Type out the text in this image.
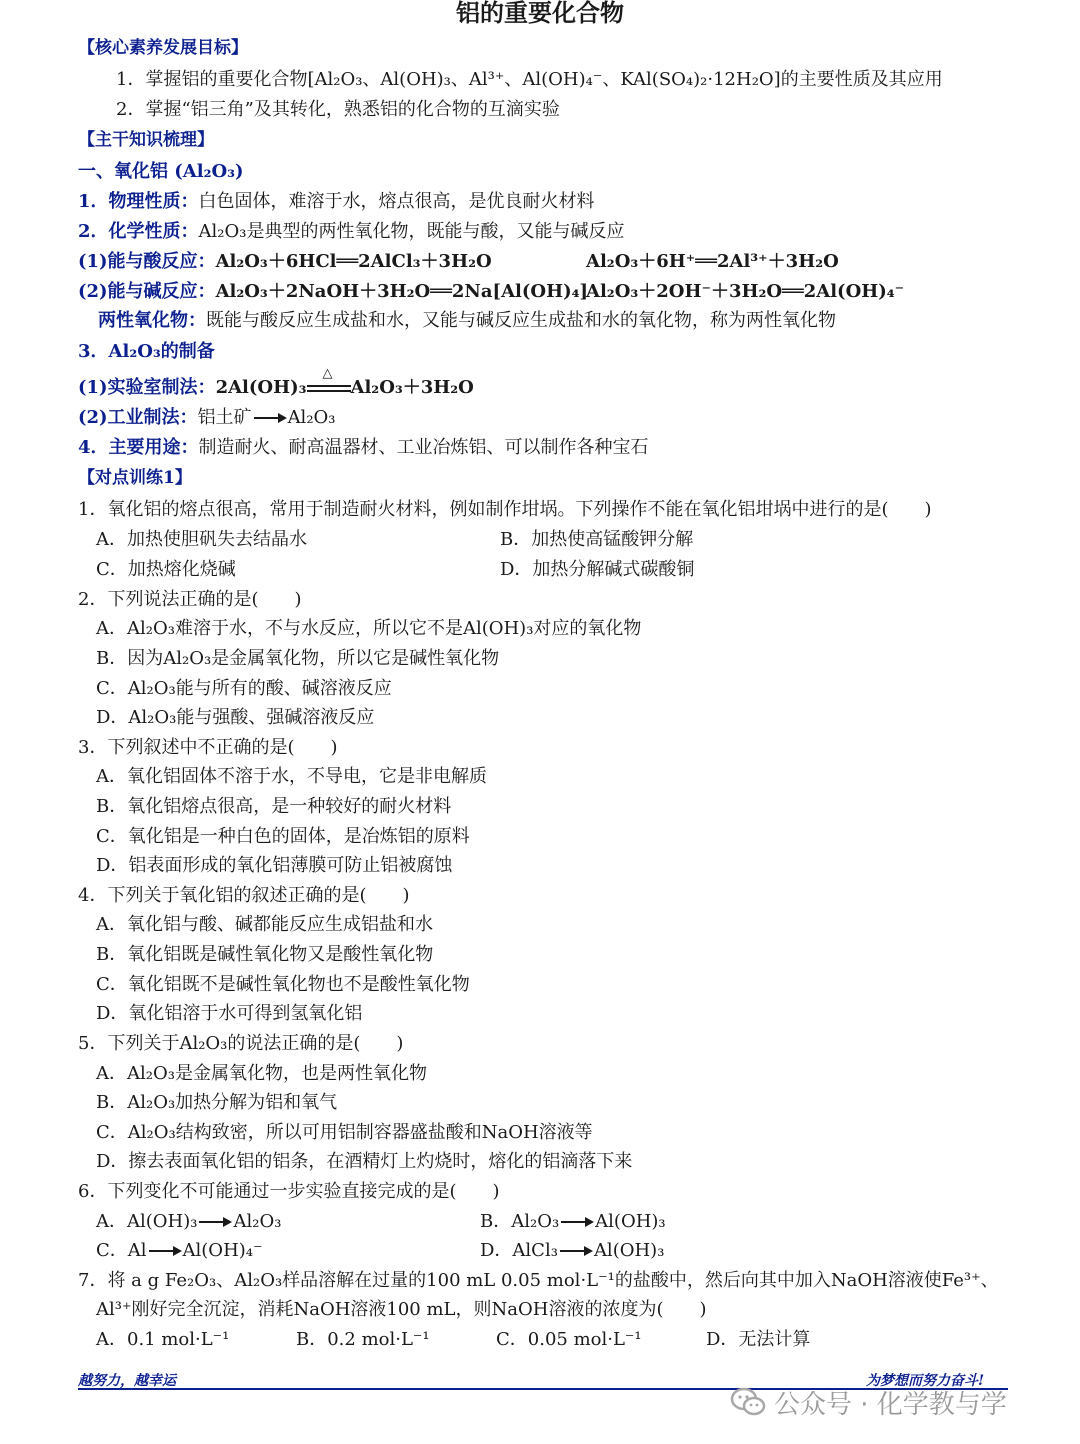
铝的重要化合物
【核心素养发展目标】
1．掌握铝的重要化合物[Al₂O₃、Al(OH)₃、Al³⁺、Al(OH)₄⁻、KAl(SO₄)₂·12H₂O]的主要性质及其应用
2．掌握“铝三角”及其转化，熟悉铝的化合物的互滴实验
【主干知识梳理】
一、氧化铝 (Al₂O₃)
1．物理性质：白色固体，难溶于水，熔点很高，是优良耐火材料
2．化学性质：Al₂O₃是典型的两性氧化物，既能与酸，又能与碱反应
(1)能与酸反应：Al₂O₃＋6HCl══2AlCl₃＋3H₂O	Al₂O₃＋6H⁺══2Al³⁺＋3H₂O
(2)能与碱反应：Al₂O₃＋2NaOH＋3H₂O══2Na[Al(OH)₄]
Al₂O₃＋2OH⁻＋3H₂O══2Al(OH)₄⁻
两性氧化物：既能与酸反应生成盐和水，又能与碱反应生成盐和水的氧化物，称为两性氧化物
3．Al₂O₃的制备
(1)实验室制法：2Al(OH)₃
△
Al₂O₃＋3H₂O
(2)工业制法：铝土矿 Al₂O₃
4．主要用途：制造耐火、耐高温器材、工业冶炼铝、可以制作各种宝石
【对点训练1】
1．氧化铝的熔点很高，常用于制造耐火材料，例如制作坩埚。下列操作不能在氧化铝坩埚中进行的是(　　)
A．加热使胆矾失去结晶水	B．加热使高锰酸钾分解
C．加热熔化烧碱	D．加热分解碱式碳酸铜
2．下列说法正确的是(　　)
A．Al₂O₃难溶于水，不与水反应，所以它不是Al(OH)₃对应的氧化物
B．因为Al₂O₃是金属氧化物，所以它是碱性氧化物
C．Al₂O₃能与所有的酸、碱溶液反应
D．Al₂O₃能与强酸、强碱溶液反应
3．下列叙述中不正确的是(　　)
A．氧化铝固体不溶于水，不导电，它是非电解质
B．氧化铝熔点很高，是一种较好的耐火材料
C．氧化铝是一种白色的固体，是冶炼铝的原料
D．铝表面形成的氧化铝薄膜可防止铝被腐蚀
4．下列关于氧化铝的叙述正确的是(　　)
A．氧化铝与酸、碱都能反应生成铝盐和水
B．氧化铝既是碱性氧化物又是酸性氧化物
C．氧化铝既不是碱性氧化物也不是酸性氧化物
D．氧化铝溶于水可得到氢氧化铝
5．下列关于Al₂O₃的说法正确的是(　　)
A．Al₂O₃是金属氧化物，也是两性氧化物
B．Al₂O₃加热分解为铝和氧气
C．Al₂O₃结构致密，所以可用铝制容器盛盐酸和NaOH溶液等
D．擦去表面氧化铝的铝条，在酒精灯上灼烧时，熔化的铝滴落下来
6．下列变化不可能通过一步实验直接完成的是(　　)
A．Al(OH)₃ Al₂O₃	B．Al₂O₃ Al(OH)₃
C．Al Al(OH)₄⁻	D．AlCl₃ Al(OH)₃
7．将 a g Fe₂O₃、Al₂O₃样品溶解在过量的100 mL 0.05 mol·L⁻¹的盐酸中，然后向其中加入NaOH溶液使Fe³⁺、
Al³⁺刚好完全沉淀，消耗NaOH溶液100 mL，则NaOH溶液的浓度为(　　)
A．0.1 mol·L⁻¹	B．0.2 mol·L⁻¹	C．0.05 mol·L⁻¹	D．无法计算
越努力，越幸运	为梦想而努力奋斗!
公众号 · 化学教与学
